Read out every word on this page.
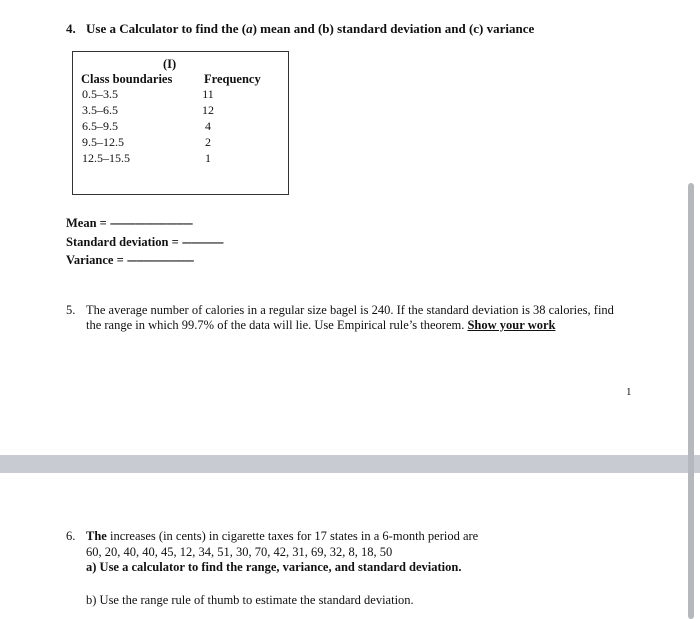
4. Use a Calculator to find the (a) mean and (b) standard deviation and (c) variance
(I)
Class boundaries	Frequency
0.5–3.5	11
3.5–6.5	12
6.5–9.5	4
9.5–12.5	2
12.5–15.5	1
Mean = --------------------------
Standard deviation = -------------
Variance = ---------------------
5. The average number of calories in a regular size bagel is 240. If the standard deviation is 38 calories, find the range in which 99.7% of the data will lie. Use Empirical rule’s theorem. Show your work
1
6. The increases (in cents) in cigarette taxes for 17 states in a 6-month period are
60, 20, 40, 40, 45, 12, 34, 51, 30, 70, 42, 31, 69, 32, 8, 18, 50
a) Use a calculator to find the range, variance, and standard deviation.
b) Use the range rule of thumb to estimate the standard deviation.
